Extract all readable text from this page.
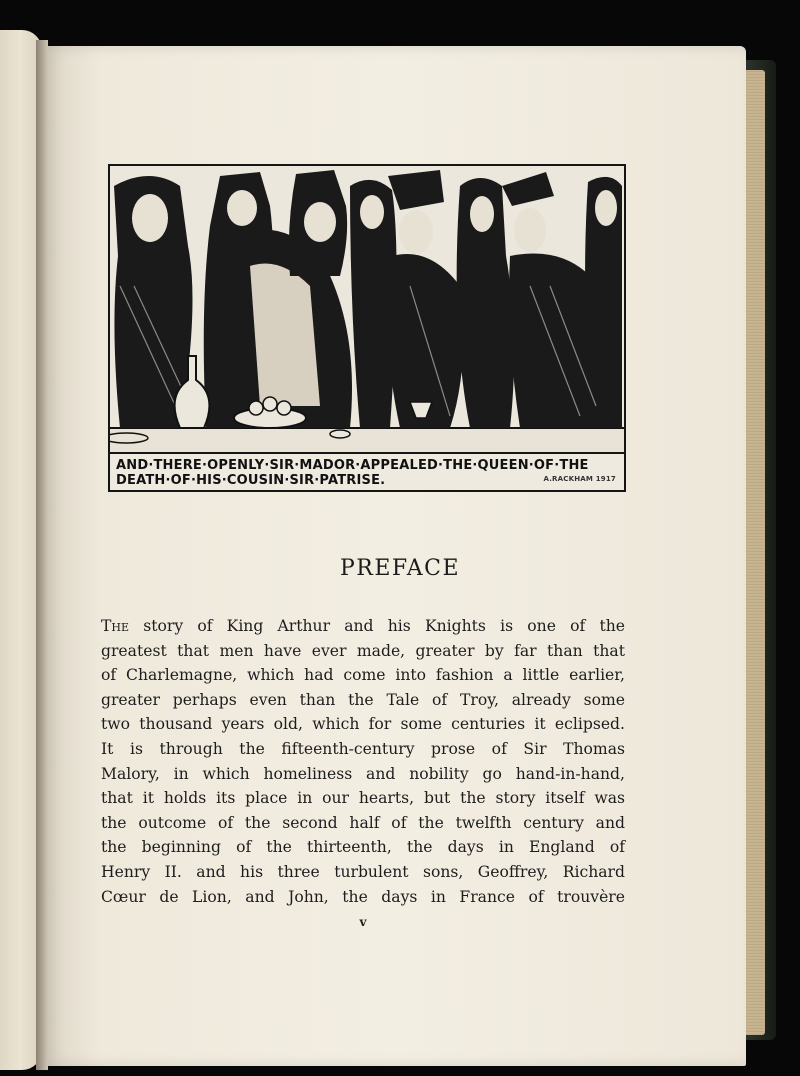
AND·THERE·OPENLY·SIR·MADOR·APPEALED·THE·QUEEN·OF·THE
DEATH·OF·HIS·COUSIN·SIR·PATRISE.	A.RACKHAM 1917
PREFACE
The story of King Arthur and his Knights is one of the
greatest that men have ever made, greater by far than that
of Charlemagne, which had come into fashion a little earlier,
greater perhaps even than the Tale of Troy, already some
two thousand years old, which for some centuries it eclipsed.
It is through the fifteenth-century prose of Sir Thomas
Malory, in which homeliness and nobility go hand-in-hand,
that it holds its place in our hearts, but the story itself was
the outcome of the second half of the twelfth century and
the beginning of the thirteenth, the days in England of
Henry II. and his three turbulent sons, Geoffrey, Richard
Cœur de Lion, and John, the days in France of trouvère
v
